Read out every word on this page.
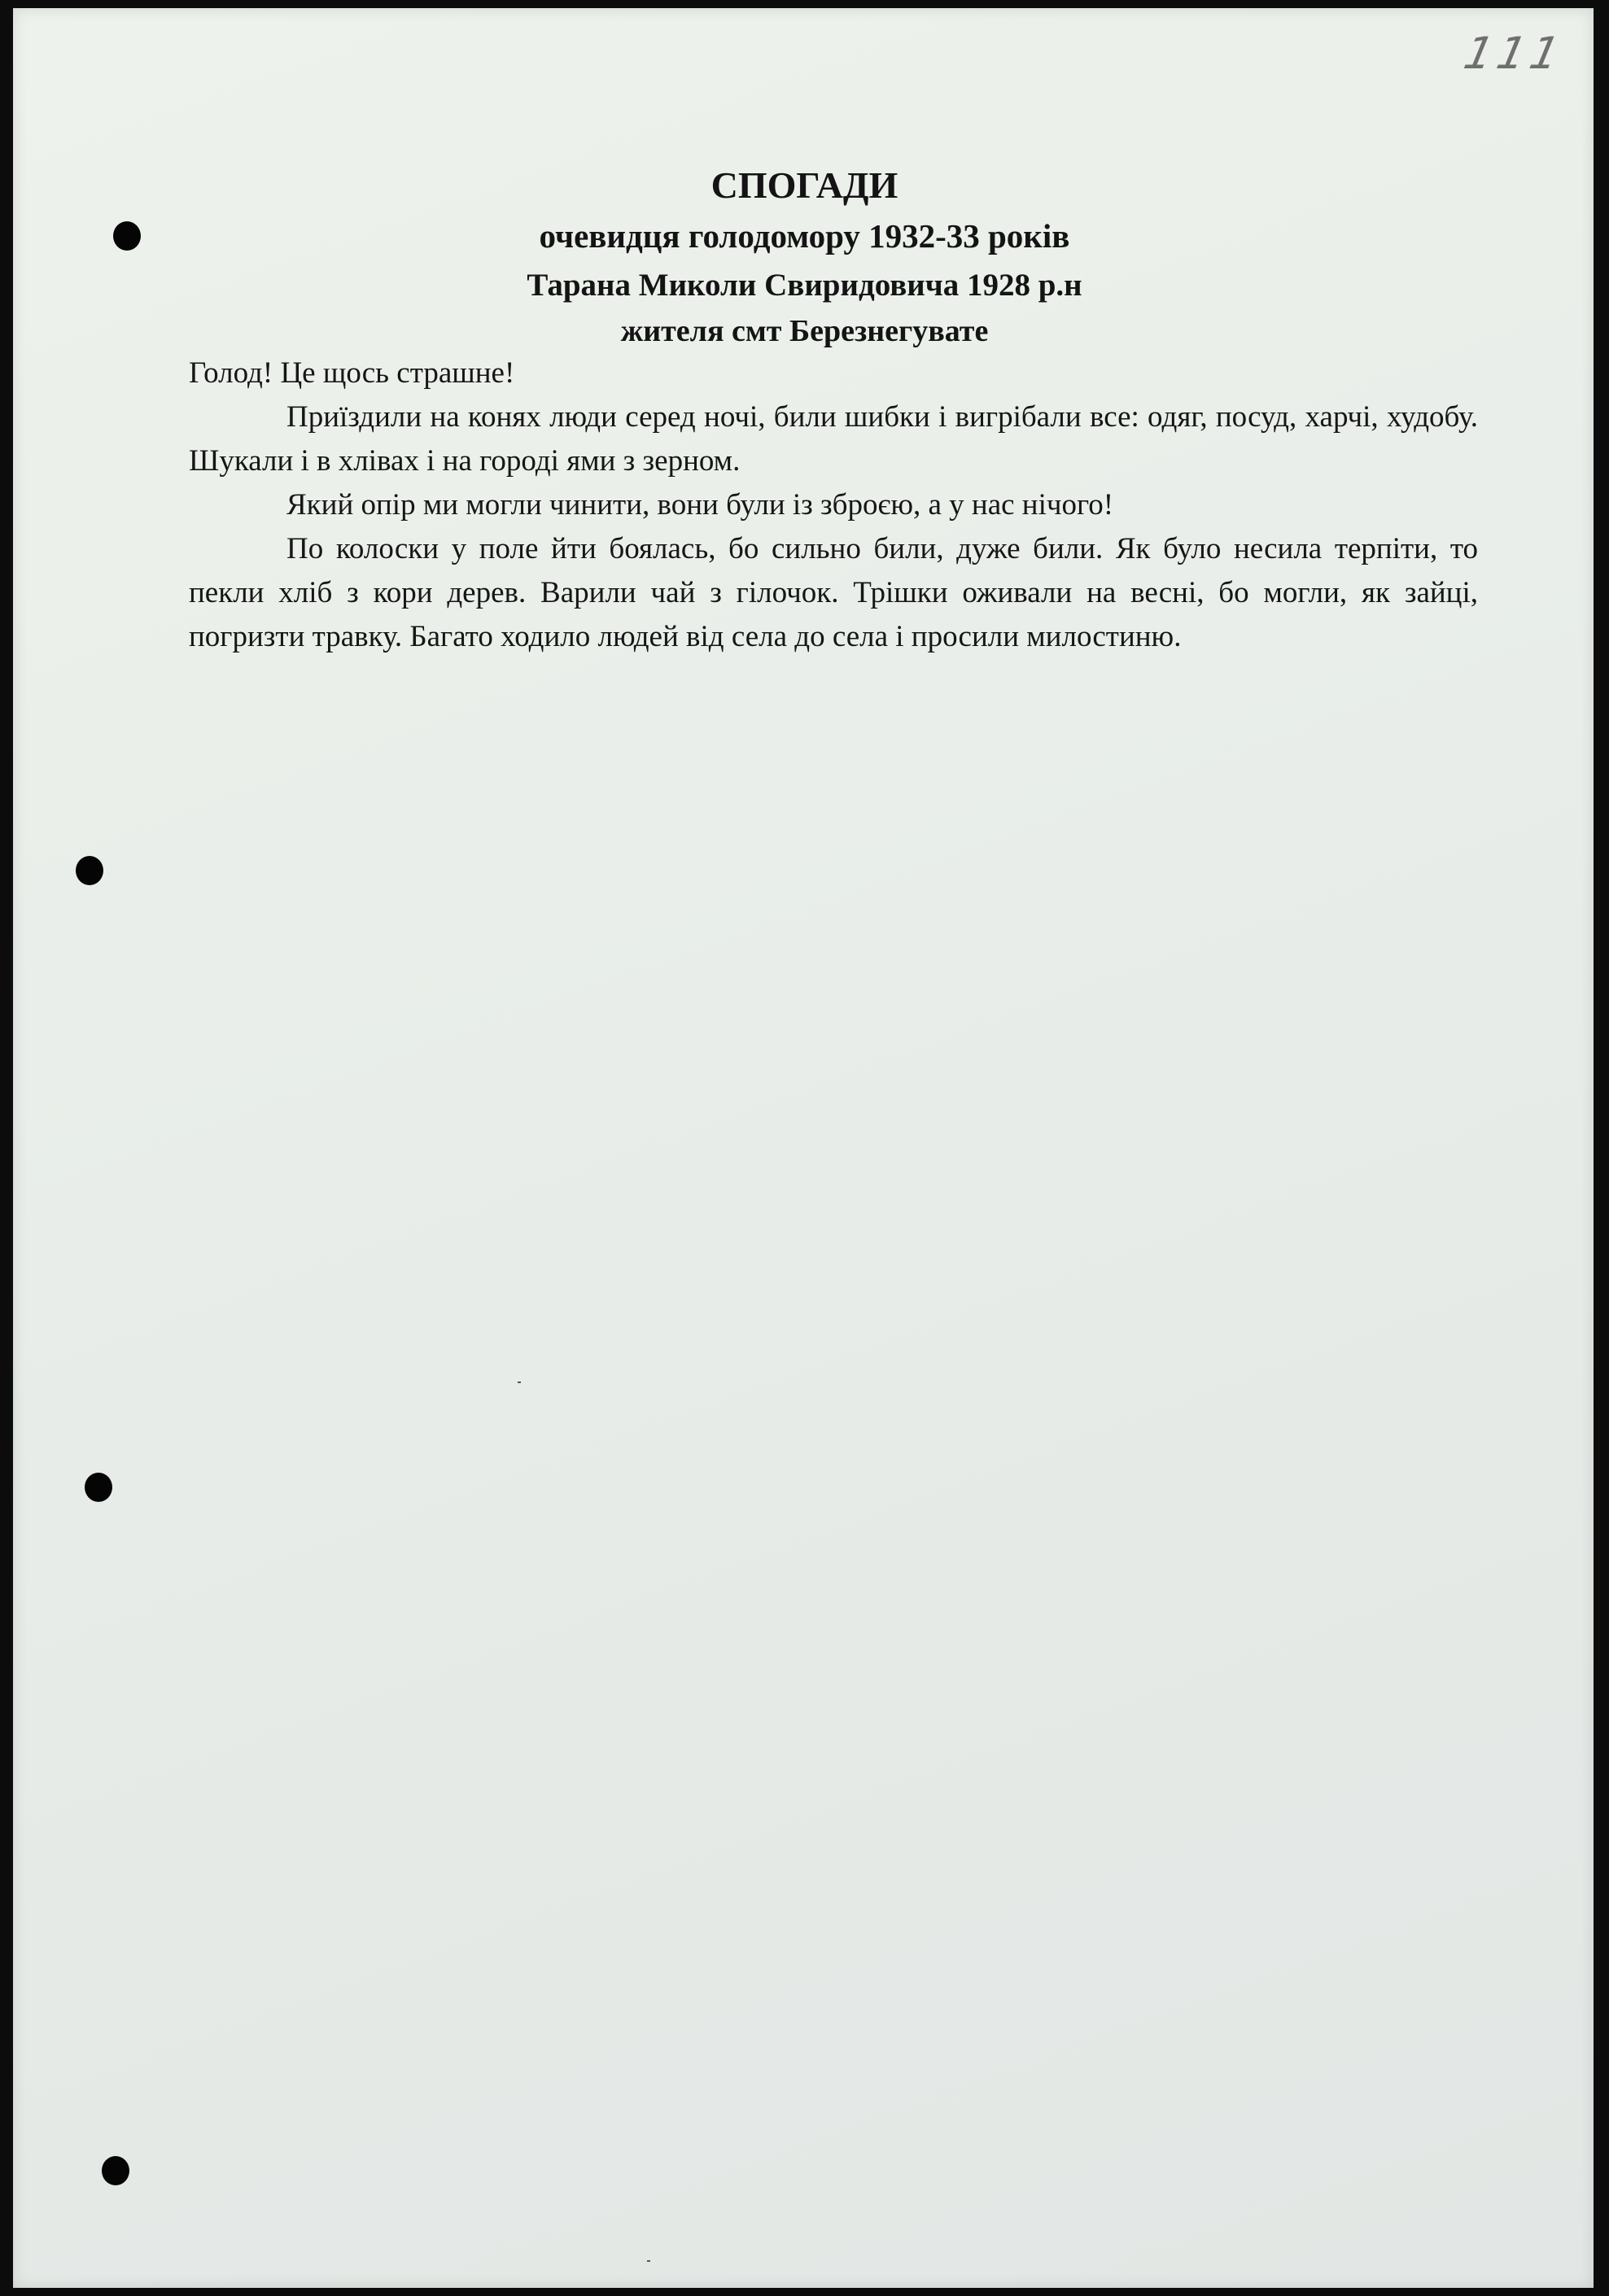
111
СПОГАДИ
очевидця голодомору 1932-33 років
Тарана Миколи Свиридовича 1928 р.н
жителя смт Березнегувате

Голод! Це щось страшне!

Приїздили на конях люди серед ночі, били шибки і вигрібали все: одяг, посуд, харчі, худобу. Шукали і в хлівах і на городі ями з зерном.

Який опір ми могли чинити, вони були із зброєю, а у нас нічого!

По колоски у поле йти боялась, бо сильно били, дуже били. Як було несила терпіти, то пекли хліб з кори дерев. Варили чай з гілочок. Трішки оживали на весні, бо могли, як зайці, погризти травку. Багато ходило людей від села до села і просили милостиню.
